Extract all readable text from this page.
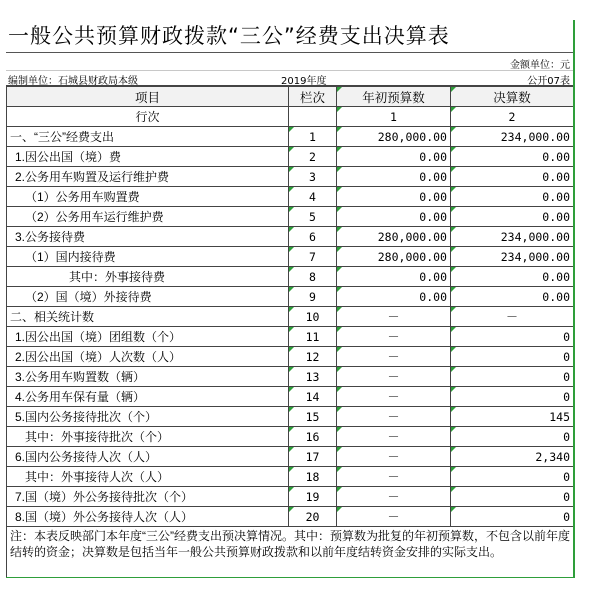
一般公共预算财政拨款“三公”经费支出决算表
金额单位：元
编制单位：石城县财政局本级	2019年度	公开07表
项目	栏次	年初预算数	决算数
行次		1	2
一、“三公”经费支出	1	280,000.00	234,000.00
1.因公出国（境）费	2	0.00	0.00
2.公务用车购置及运行维护费	3	0.00	0.00
（1）公务用车购置费	4	0.00	0.00
（2）公务用车运行维护费	5	0.00	0.00
3.公务接待费	6	280,000.00	234,000.00
（1）国内接待费	7	280,000.00	234,000.00
其中：外事接待费	8	0.00	0.00
（2）国（境）外接待费	9	0.00	0.00
二、相关统计数	10	－	－
1.因公出国（境）团组数（个）	11	－	0
2.因公出国（境）人次数（人）	12	－	0
3.公务用车购置数（辆）	13	－	0
4.公务用车保有量（辆）	14	－	0
5.国内公务接待批次（个）	15	－	145
其中：外事接待批次（个）	16	－	0
6.国内公务接待人次（人）	17	－	2,340
其中：外事接待人次（人）	18	－	0
7.国（境）外公务接待批次（个）	19	－	0
8.国（境）外公务接待人次（人）	20	－	0
注：本表反映部门本年度“三公”经费支出预决算情况。其中：预算数为批复的年初预算数，不包含以前年度结转的资金；决算数是包括当年一般公共预算财政拨款和以前年度结转资金安排的实际支出。
